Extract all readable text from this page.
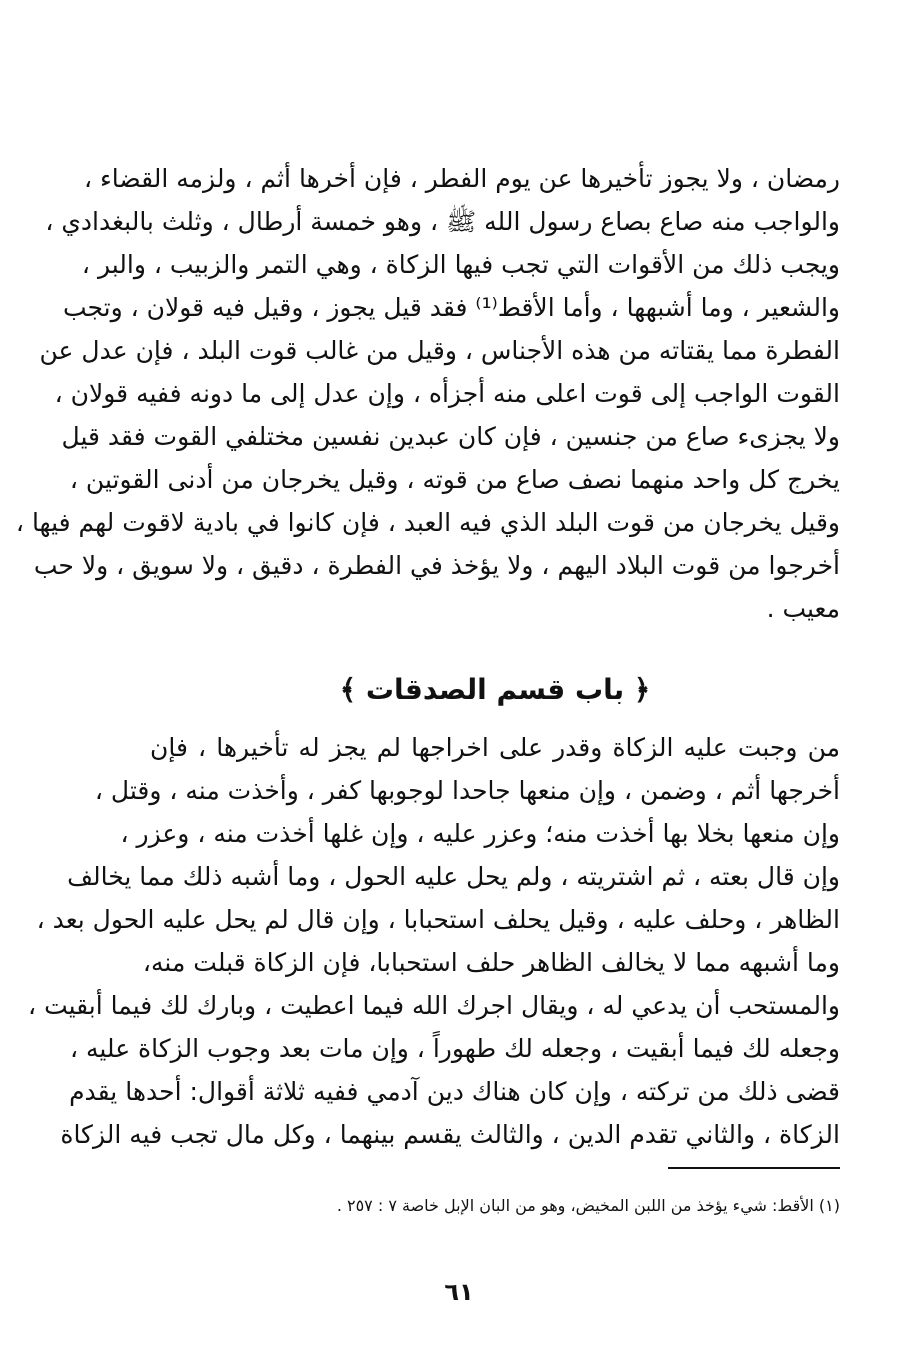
رمضان ، ولا يجوز تأخيرها عن يوم الفطر ، فإن أخرها أثم ، ولزمه القضاء ،
والواجب منه صاع بصاع رسول الله ﷺ ، وهو خمسة أرطال ، وثلث بالبغدادي ،
ويجب ذلك من الأقوات التي تجب فيها الزكاة ، وهي التمر والزبيب ، والبر ،
والشعير ، وما أشبهها ، وأما الأقط⁽¹⁾ فقد قيل يجوز ، وقيل فيه قولان ، وتجب
الفطرة مما يقتاته من هذه الأجناس ، وقيل من غالب قوت البلد ، فإن عدل عن
القوت الواجب إلى قوت اعلى منه أجزأه ، وإن عدل إلى ما دونه ففيه قولان ،
ولا يجزىء صاع من جنسين ، فإن كان عبدين نفسين مختلفي القوت فقد قيل
يخرج كل واحد منهما نصف صاع من قوته ، وقيل يخرجان من أدنى القوتين ،
وقيل يخرجان من قوت البلد الذي فيه العبد ، فإن كانوا في بادية لاقوت لهم فيها ،
أخرجوا من قوت البلاد اليهم ، ولا يؤخذ في الفطرة ، دقيق ، ولا سويق ، ولا حب
معيب .
﴿ باب قسم الصدقات ﴾
من وجبت عليه الزكاة وقدر على اخراجها لم يجز له تأخيرها ، فإن
أخرجها أثم ، وضمن ، وإن منعها جاحدا لوجوبها كفر ، وأخذت منه ، وقتل ،
وإن منعها بخلا بها أخذت منه؛ وعزر عليه ، وإن غلها أخذت منه ، وعزر ،
وإن قال بعته ، ثم اشتريته ، ولم يحل عليه الحول ، وما أشبه ذلك مما يخالف
الظاهر ، وحلف عليه ، وقيل يحلف استحبابا ، وإن قال لم يحل عليه الحول بعد ،
وما أشبهه مما لا يخالف الظاهر حلف استحبابا، فإن الزكاة قبلت منه،
والمستحب أن يدعي له ، ويقال اجرك الله فيما اعطيت ، وبارك لك فيما أبقيت ،
وجعله لك فيما أبقيت ، وجعله لك طهوراً ، وإن مات بعد وجوب الزكاة عليه ،
قضى ذلك من تركته ، وإن كان هناك دين آدمي ففيه ثلاثة أقوال: أحدها يقدم
الزكاة ، والثاني تقدم الدين ، والثالث يقسم بينهما ، وكل مال تجب فيه الزكاة
(١) الأقط: شيء يؤخذ من اللبن المخيض، وهو من البان الإبل خاصة ٧ : ٢٥٧ .
٦١
